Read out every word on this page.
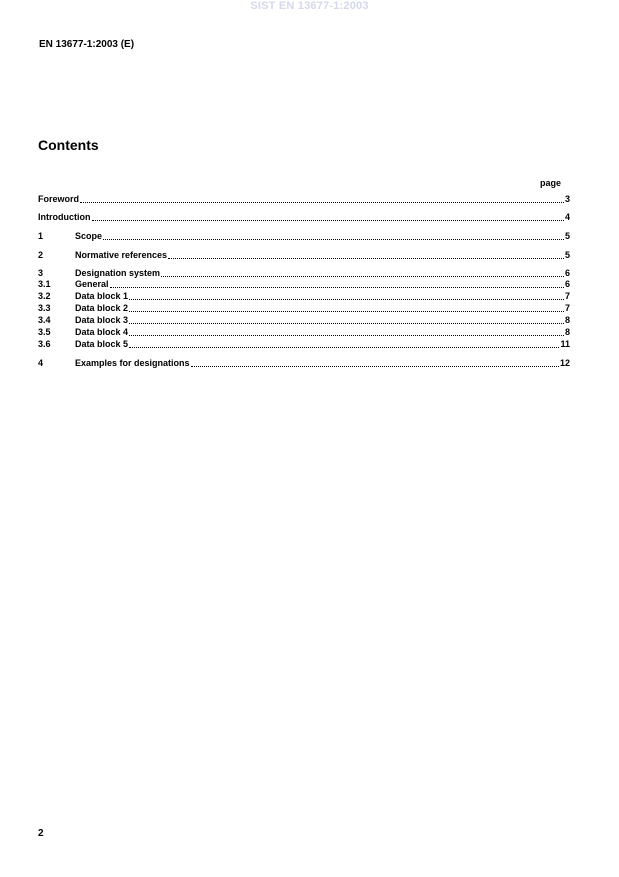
SIST EN 13677-1:2003
EN 13677-1:2003 (E)
Contents
page
Foreword	3
Introduction	4
1	Scope	5
2	Normative references	5
3	Designation system	6
3.1	General	6
3.2	Data block 1	7
3.3	Data block 2	7
3.4	Data block 3	8
3.5	Data block 4	8
3.6	Data block 5	11
4	Examples for designations	12
2
